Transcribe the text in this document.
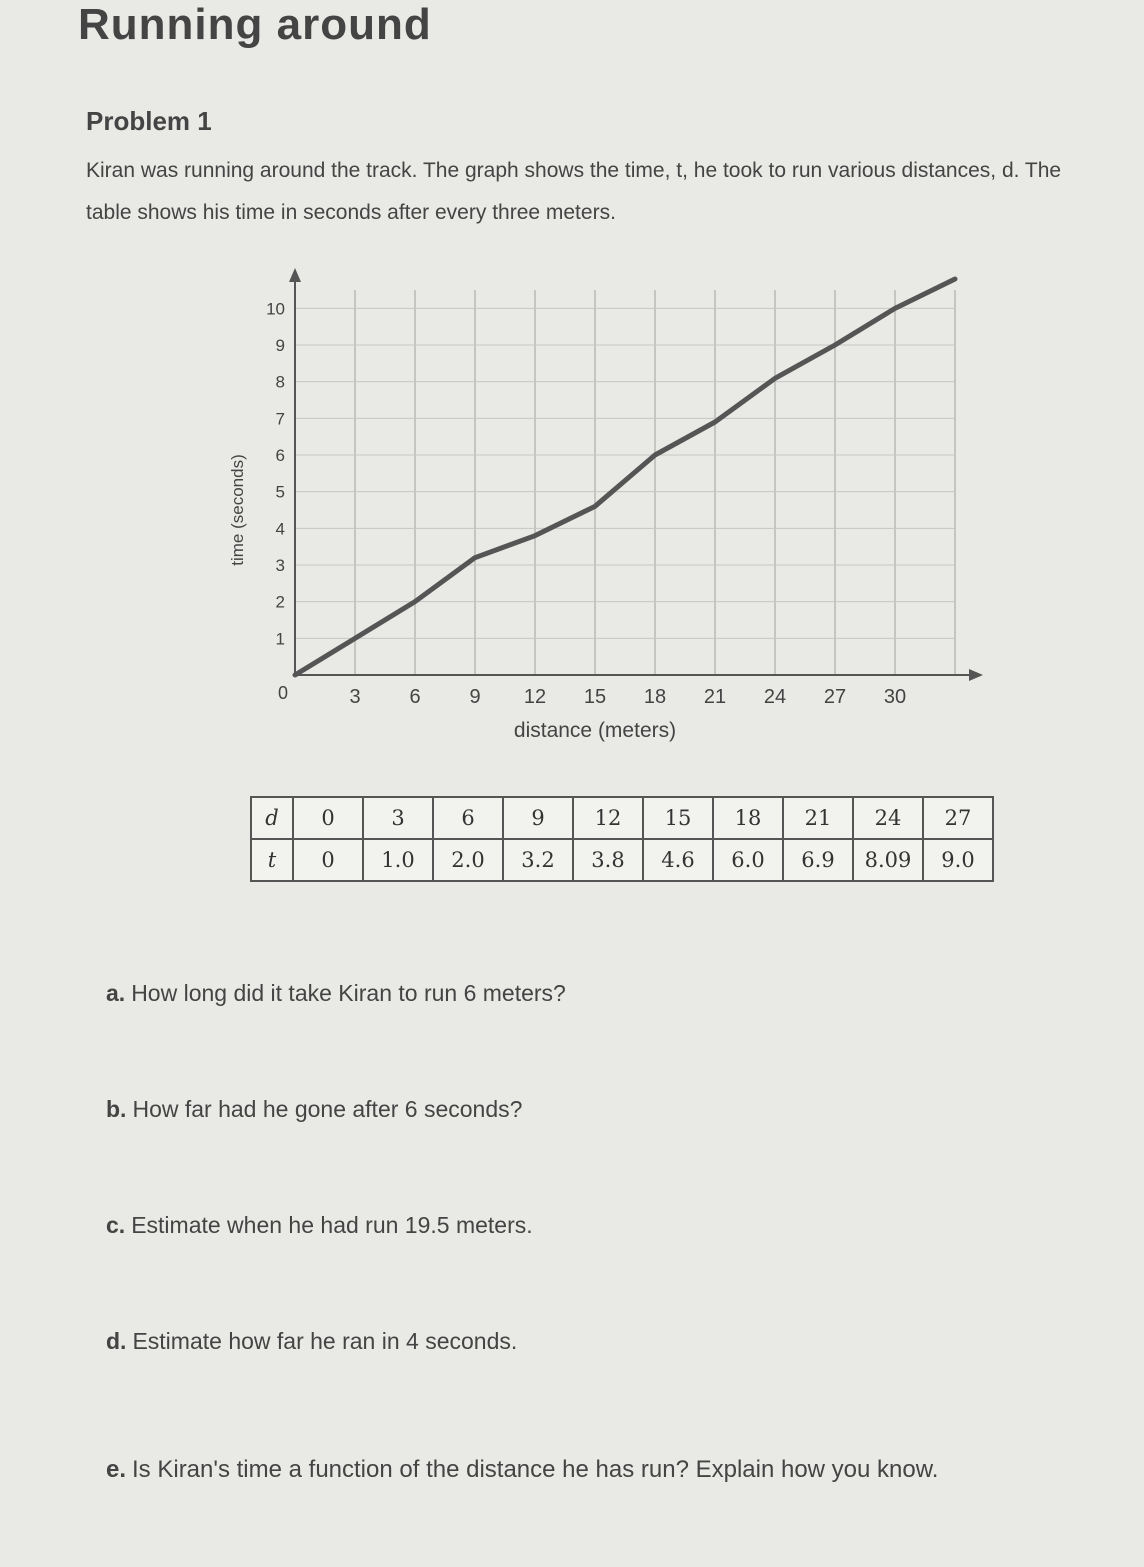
Running around
Problem 1
Kiran was running around the track. The graph shows the time, t, he took to run various distances, d. The table shows his time in seconds after every three meters.
3 6 9 12 15 18 21 24 27 30
1
2
3
4
5
6
7
8
9
10
0
distance (meters)
time (seconds)
d	0	3	6	9	12	15	18	21	24	27
t	0	1.0	2.0	3.2	3.8	4.6	6.0	6.9	8.09	9.0
a. How long did it take Kiran to run 6 meters?
b. How far had he gone after 6 seconds?
c. Estimate when he had run 19.5 meters.
d. Estimate how far he ran in 4 seconds.
e. Is Kiran's time a function of the distance he has run? Explain how you know.
